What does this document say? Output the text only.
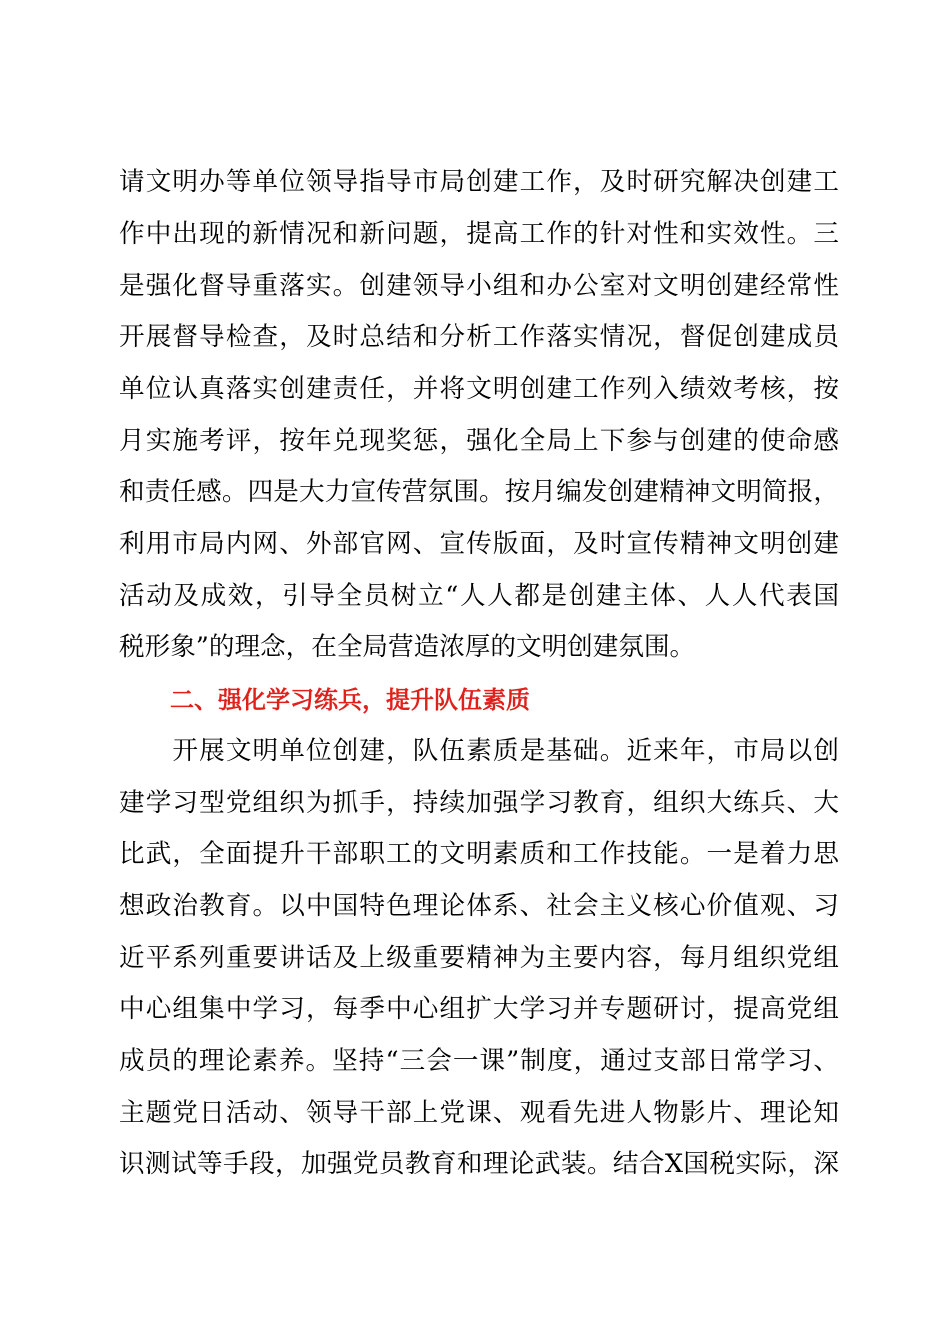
请文明办等单位领导指导市局创建工作，及时研究解决创建工
作中出现的新情况和新问题，提高工作的针对性和实效性。三
是强化督导重落实。创建领导小组和办公室对文明创建经常性
开展督导检查，及时总结和分析工作落实情况，督促创建成员
单位认真落实创建责任，并将文明创建工作列入绩效考核，按
月实施考评，按年兑现奖惩，强化全局上下参与创建的使命感
和责任感。四是大力宣传营氛围。按月编发创建精神文明简报，
利用市局内网、外部官网、宣传版面，及时宣传精神文明创建
活动及成效，引导全员树立“人人都是创建主体、人人代表国
税形象”的理念，在全局营造浓厚的文明创建氛围。
二、强化学习练兵，提升队伍素质
　　开展文明单位创建，队伍素质是基础。近来年，市局以创
建学习型党组织为抓手，持续加强学习教育，组织大练兵、大
比武，全面提升干部职工的文明素质和工作技能。一是着力思
想政治教育。以中国特色理论体系、社会主义核心价值观、习
近平系列重要讲话及上级重要精神为主要内容，每月组织党组
中心组集中学习，每季中心组扩大学习并专题研讨，提高党组
成员的理论素养。坚持“三会一课”制度，通过支部日常学习、
主题党日活动、领导干部上党课、观看先进人物影片、理论知
识测试等手段，加强党员教育和理论武装。结合X国税实际，深
